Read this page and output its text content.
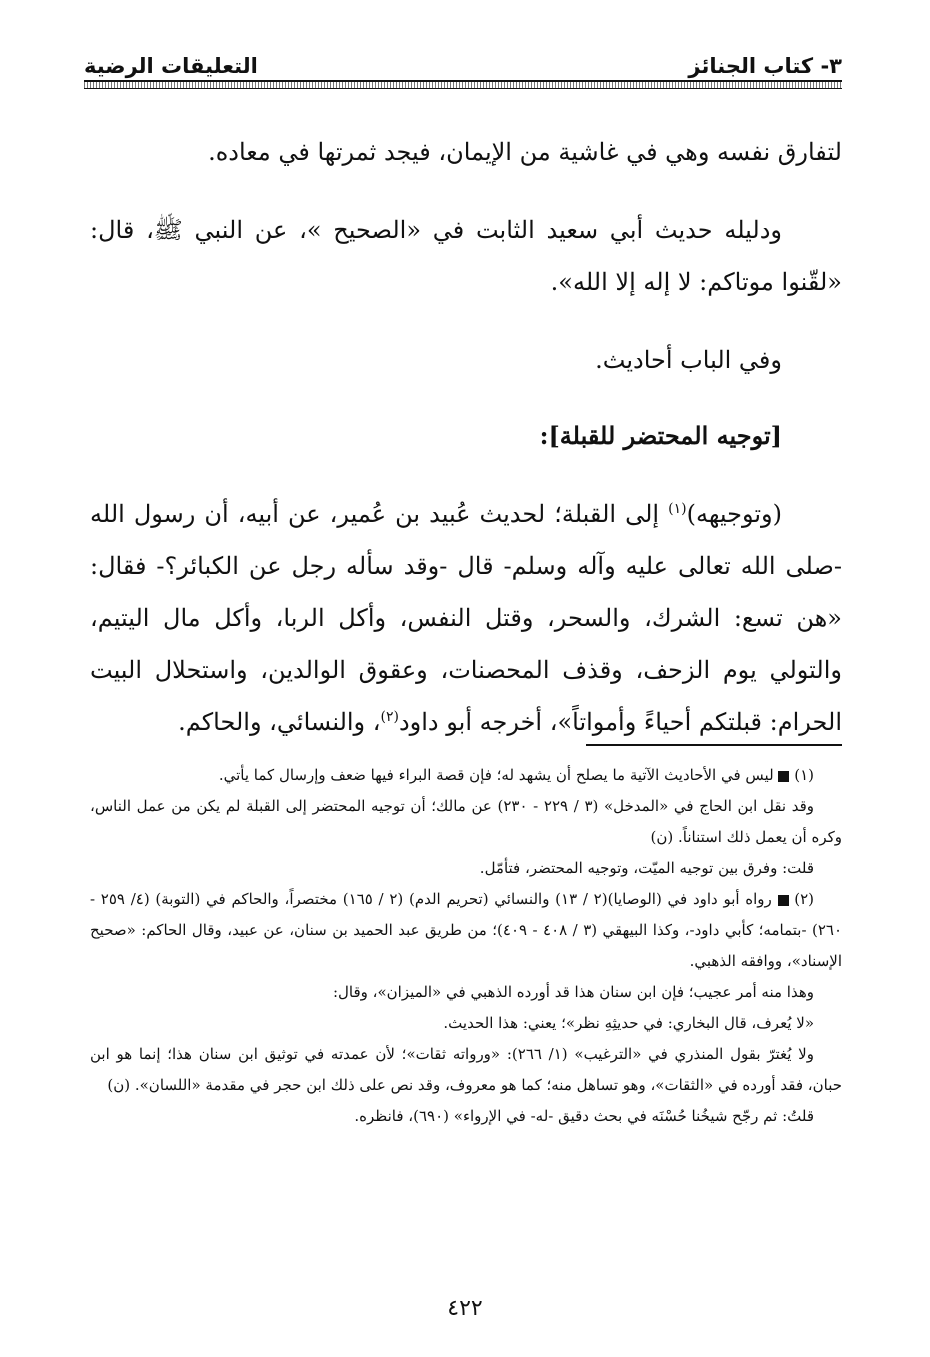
٣- كتاب الجنائز
التعليقات الرضية

لتفارق نفسه وهي في غاشية من الإيمان، فيجد ثمرتها في معاده.

ودليله حديث أبي سعيد الثابت في «الصحيح »، عن النبي ﷺ، قال: «لقّنوا موتاكم: لا إله إلا الله».

وفي الباب أحاديث.

[توجيه المحتضر للقبلة]:

(وتوجيهه)$^{(١)}$ إلى القبلة؛ لحديث عُبيد بن عُمير، عن أبيه، أن رسول الله -صلى الله تعالى عليه وآله وسلم- قال -وقد سأله رجل عن الكبائر؟- فقال: «هن تسع: الشرك، والسحر، وقتل النفس، وأكل الربا، وأكل مال اليتيم، والتولي يوم الزحف، وقذف المحصنات، وعقوق الوالدين، واستحلال البيت الحرام: قبلتكم أحياءً وأمواتاً»، أخرجه أبو داود$^{(٢)}$، والنسائي، والحاكم.

(١)  ليس في الأحاديث الآتية ما يصلح أن يشهد له؛ فإن قصة البراء فيها ضعف وإرسال كما يأتي.

وقد نقل ابن الحاج في «المدخل» (٣ / ٢٢٩ - ٢٣٠) عن مالك؛ أن توجيه المحتضر إلى القبلة لم يكن من عمل الناس، وكره أن يعمل ذلك استناناً. (ن)

قلت: وفرق بين توجيه الميّت، وتوجيه المحتضر، فتأمّل.

(٢)  رواه أبو داود في (الوصايا)(٢ / ١٣) والنسائي (تحريم الدم) (٢ / ١٦٥) مختصراً، والحاكم في (التوبة) (٤/ ٢٥٩ - ٢٦٠) -بتمامه؛ كأبي داود-، وكذا البيهقي (٣ / ٤٠٨ - ٤٠٩)؛ من طريق عبد الحميد بن سنان، عن عبيد، وقال الحاكم: «صحيح الإسناد»، ووافقه الذهبي.

وهذا منه أمر عجيب؛ فإن ابن سنان هذا قد أورده الذهبي في «الميزان»، وقال:

«لا يُعرف، قال البخاري: في حديثِهِ نظر»؛ يعني: هذا الحديث.

ولا يُغترّ بقول المنذري في «الترغيب» (١/ ٢٦٦): «ورواته ثقات»؛ لأن عمدته في توثيق ابن سنان هذا؛ إنما هو ابن حبان، فقد أورده في «الثقات»، وهو تساهل منه؛ كما هو معروف، وقد نص على ذلك ابن حجر في مقدمة «اللسان». (ن)

قلتُ: ثم رجّح شيخُنا حُسْنَه في بحث دقيق -له- في الإرواء» (٦٩٠)، فانظره.

٤٢٢
